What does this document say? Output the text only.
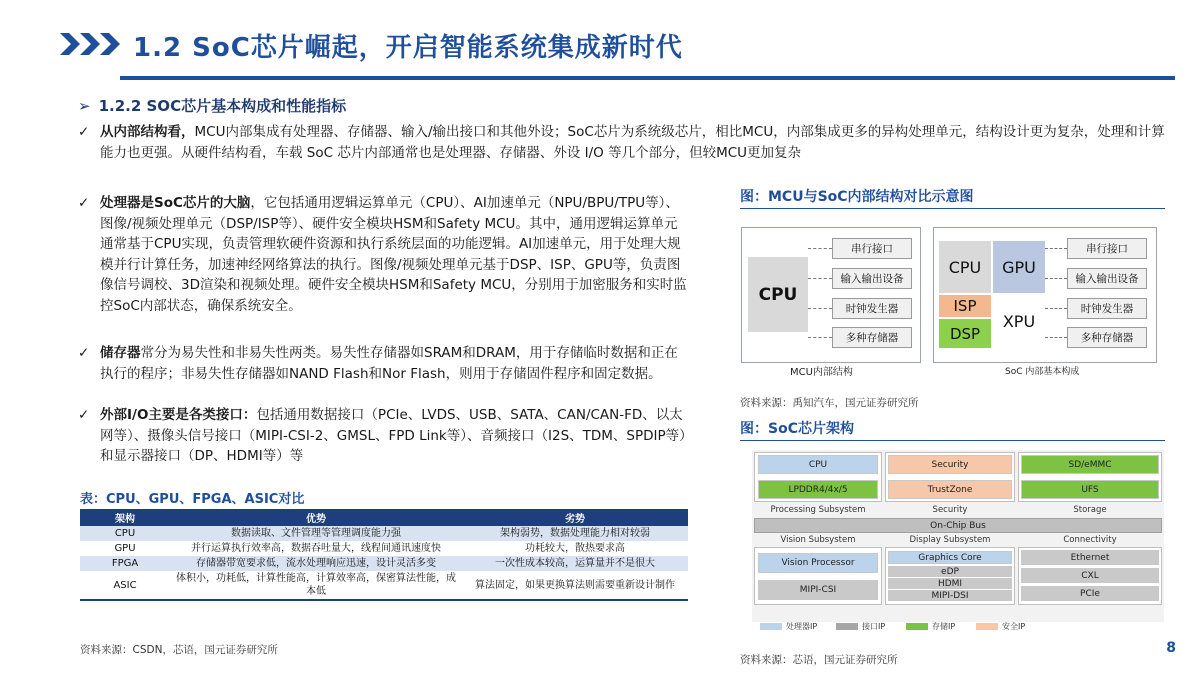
1.2 SoC芯片崛起，开启智能系统集成新时代
➢ 1.2.2 SOC芯片基本构成和性能指标
✓ 从内部结构看，MCU内部集成有处理器、存储器、输入/输出接口和其他外设；SoC芯片为系统级芯片，相比MCU，内部集成更多的异构处理单元，结构设计更为复杂，处理和计算能力也更强。从硬件结构看，车载 SoC 芯片内部通常也是处理器、存储器、外设 I/O 等几个部分，但较MCU更加复杂
✓ 处理器是SoC芯片的大脑，它包括通用逻辑运算单元（CPU）、AI加速单元（NPU/BPU/TPU等）、图像/视频处理单元（DSP/ISP等）、硬件安全模块HSM和Safety MCU。其中，通用逻辑运算单元通常基于CPU实现，负责管理软硬件资源和执行系统层面的功能逻辑。AI加速单元，用于处理大规模并行计算任务，加速神经网络算法的执行。图像/视频处理单元基于DSP、ISP、GPU等，负责图像信号调校、3D渲染和视频处理。硬件安全模块HSM和Safety MCU，分别用于加密服务和实时监控SoC内部状态，确保系统安全。
✓ 储存器常分为易失性和非易失性两类。易失性存储器如SRAM和DRAM，用于存储临时数据和正在执行的程序；非易失性存储器如NAND Flash和Nor Flash，则用于存储固件程序和固定数据。
✓ 外部I/O主要是各类接口：包括通用数据接口（PCIe、LVDS、USB、SATA、CAN/CAN-FD、以太网等）、摄像头信号接口（MIPI-CSI-2、GMSL、FPD Link等）、音频接口（I2S、TDM、SPDIP等）和显示器接口（DP、HDMI等）等
图：MCU与SoC内部结构对比示意图
CPU
串行接口
输入输出设备
时钟发生器
多种存储器
MCU内部结构
CPU	GPU
ISP
DSP
XPU
串行接口
输入输出设备
时钟发生器
多种存储器
SoC 内部基本构成
资料来源：禹知汽车，国元证券研究所
图：SoC芯片架构
CPU	Security	SD/eMMC
LPDDR4/4x/5	TrustZone	UFS
Processing Subsystem	Security	Storage
On-Chip Bus
Vision Subsystem	Display Subsystem	Connectivity
Vision Processor
MIPI-CSI
Graphics Core
eDP
HDMI
MIPI-DSI
Ethernet
CXL
PCIe
处理器IP	接口IP	存储IP	安全IP
资料来源：芯语，国元证券研究所
表：CPU、GPU、FPGA、ASIC对比
架构	优势	劣势
CPU	数据读取、文件管理等管理调度能力强	架构弱势，数据处理能力相对较弱
GPU	并行运算执行效率高，数据吞吐量大，线程间通讯速度快	功耗较大，散热要求高
FPGA	存储器带宽要求低，流水处理响应迅速，设计灵活多变	一次性成本较高，运算量并不是很大
ASIC	体积小，功耗低，计算性能高，计算效率高，保密算法性能，成本低	算法固定，如果更换算法则需要重新设计制作
资料来源：CSDN，芯语，国元证券研究所	8
